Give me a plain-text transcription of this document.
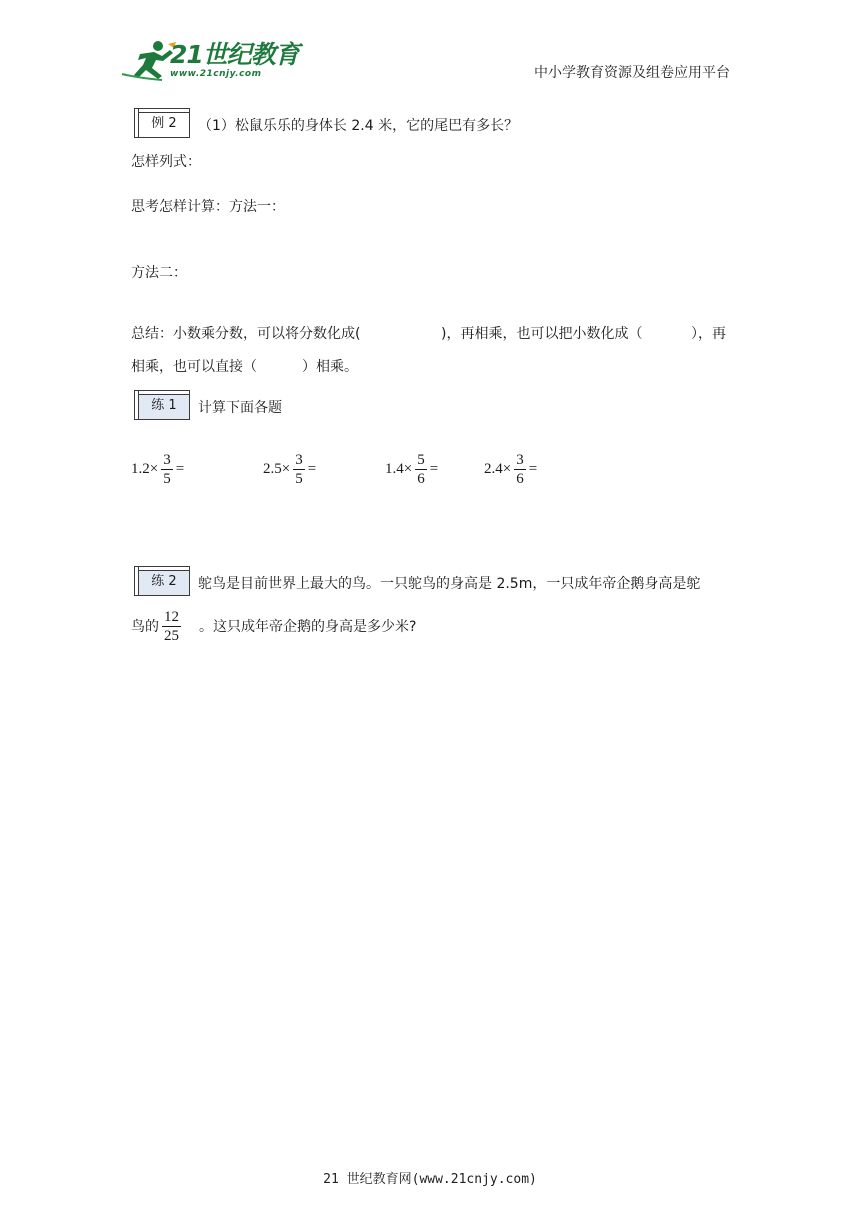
21世纪教育
www.21cnjy.com	中小学教育资源及组卷应用平台
例 2	（1）松鼠乐乐的身体长 2.4 米，它的尾巴有多长？
怎样列式：
思考怎样计算：方法一：
方法二：
总结：小数乘分数，可以将分数化成(	)，再相乘，也可以把小数化成（	），再
相乘，也可以直接（	）相乘。
练 1	计算下面各题
$1.2\times \frac{3}{5}$ =	$2.5\times \frac{3}{5}$ =	$1.4\times \frac{5}{6}$ =	$2.4\times \frac{3}{6}$ =
练 2	鸵鸟是目前世界上最大的鸟。一只鸵鸟的身高是 2.5m，一只成年帝企鹅身高是鸵
鸟的 $\frac{12}{25}$ 。这只成年帝企鹅的身高是多少米?
21 世纪教育网(www.21cnjy.com)
